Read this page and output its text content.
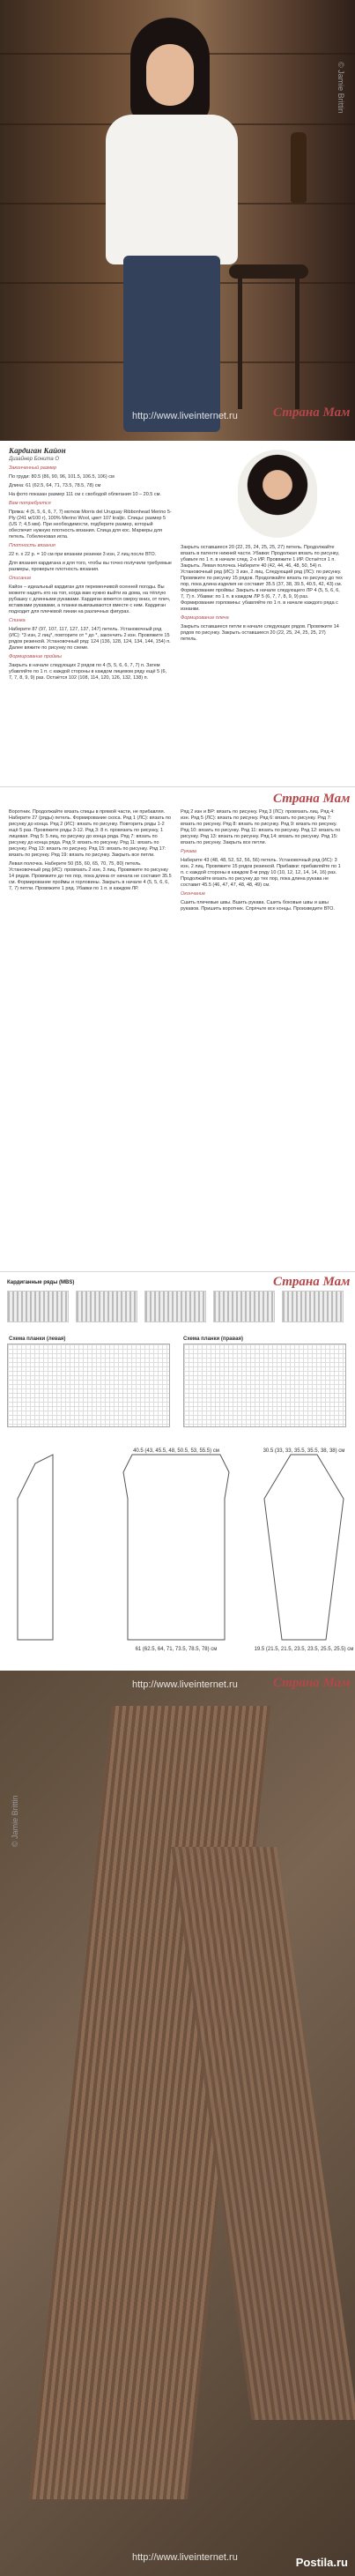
http://www.liveinternet.ru	Страна Мам
© Jamie Brittin

Кардиган Кайон

Дизайнер Бонита О

Законченный размер

По груди: 80.5 (86, 90, 96, 101.5, 106.5, 106) см

Длина: 61 (62.5, 64, 71, 73.5, 78.5, 78) см

На фото показан размер 111 см с свободой облегания 10 – 20.5 см.

Вам потребуется

Пряжа: 4 (5, 5, 6, 6, 7, 7) мотков Morris del Uruguay Ribbonhead Merino 5-Ply (241 м/100 г), 100% Merino Wool, цвет 107 kraljic. Спицы: размер 5 (US 7; 4,5 мм). При необходимости, подберите размер, который обеспечит нужную плотность вязания. Спица для кос. Маркеры для петель. Гобеленовая игла.

Плотность вязания

22 п. x 22 р. = 10 см при вязании резинки 3 изн, 2 лиц после ВТО.

Для вязания кардигана и для того, чтобы вы точно получили требуемые размеры, проверьте плотность вязания.

Описание

Кайон – идеальный кардиган для переменчивой осенней погоды. Вы можете надеть его на топ, когда вам нужно выйти из дома, на тёплую рубашку с длинными рукавами. Кардиган вяжется сверху вниз, от плеч, вставками рукавами, а планки вывязываются вместе с ним. Кардиган подходит для плечевой линии на различных фигурах.

Спинка

Наберите 87 (97, 107, 117, 127, 137, 147) петель. Установочный ряд (ИС): *3 изн, 2 лиц*, повторите от * до *, закончить 2 изн. Провяжите 15 рядов резинкой. Установочный ряд: 124 (136, 128, 124, 134, 144, 154) п. Далее вяжите по рисунку по схеме.

Формирование проймы

Закрыть в начале следующих 2 рядов по 4 (5, 5, 6, 6, 7, 7) п. Затем убавляйте по 1 п. с каждой стороны в каждом лицевом ряду ещё 5 (6, 7, 7, 8, 9, 9) раз. Остаётся 102 (108, 114, 120, 126, 132, 138) п.

Закрыть оставшиеся 20 (22, 25, 24, 25, 25, 27) петель. Продолжайте вязать в патенте нижней части. Убавки: Продолжая вязать по рисунку, убавьте по 1 п. в начале след. 2-х ИР. Провяжите 1 ИР. Остаётся 1 п. Закрыть. Левая полочка. Наберите 40 (42, 44, 46, 48, 50, 54) п. Установочный ряд (ИС): 3 изн, 2 лиц. Следующий ряд (ЛС): по рисунку. Провяжите по рисунку 15 рядов. Продолжайте вязать по рисунку до тех пор, пока длина изделия не составит 35.5 (37, 38, 39.5, 40.5, 42, 43) см. Формирование проймы: Закрыть в начале следующего ЛР 4 (5, 5, 6, 6, 7, 7) п. Убавки: по 1 п. в каждом ЛР 5 (6, 7, 7, 8, 9, 9) раз. Формирование горловины: убавляйте по 1 п. в начале каждого ряда с изнанки.

Формирование плеча

Закрыть оставшиеся петли в начале следующих рядов. Провяжите 14 рядов по рисунку. Закрыть оставшиеся 20 (22, 25, 24, 25, 25, 27) петель.

Страна Мам

Воротник. Продолжайте вязать спицы в прямой части, не прибавляя. Наберите 27 (ряды) петель. Формирование скоса. Ряд 1 (ЛС): вязать по рисунку до конца. Ряд 2 (ИС): вязать по рисунку. Повторить ряды 1-2 ещё 5 раз. Провяжите ряды 3-12. Ряд 3: 8 п. провязать по рисунку, 1 лицевая. Ряд 5: 5 лиц, по рисунку до конца ряда. Ряд 7: вязать по рисунку до конца ряда. Ряд 9: вязать по рисунку. Ряд 11: вязать по рисунку. Ряд 13: вязать по рисунку. Ряд 15: вязать по рисунку. Ряд 17: вязать по рисунку. Ряд 19: вязать по рисунку. Закрыть все петли.

Левая полочка. Наберите 50 (55, 60, 65, 70, 75, 80) петель. Установочный ряд (ИС): провязать 2 изн, 3 лиц. Провяжите по рисунку 14 рядов. Провяжите до тех пор, пока длина от начала не составит 35.5 см. Формирование проймы и горловины. Закрыть в начале 4 (5, 5, 6, 6, 7, 7) петли. Провяжите 1 ряд. Убавки по 1 п. в каждом ЛР.

Ряд 2 изн и ВР: вязать по рисунку. Ряд 3 (ЛС): провязать лиц. Ряд 4: изн. Ряд 5 (ЛС): вязать по рисунку. Ряд 6: вязать по рисунку. Ряд 7: вязать по рисунку. Ряд 8: вязать по рисунку. Ряд 9: вязать по рисунку. Ряд 10: вязать по рисунку. Ряд 11: вязать по рисунку. Ряд 12: вязать по рисунку. Ряд 13: вязать по рисунку. Ряд 14: вязать по рисунку. Ряд 15: вязать по рисунку. Закрыть все петли.

Рукава

Наберите 43 (48, 48, 52, 52, 56, 56) петель. Установочный ряд (ИС): 3 изн, 2 лиц. Провяжите 15 рядов резинкой. Прибавки: прибавляйте по 1 п. с каждой стороны в каждом 8-м ряду 10 (10, 12, 12, 14, 14, 16) раз. Продолжайте вязать по рисунку до тех пор, пока длина рукава не составит 45.5 (46, 47, 47, 48, 48, 49) см.

Окончание

Сшить плечевые швы. Вшить рукава. Сшить боковые швы и швы рукавов. Пришить воротник. Спрячьте все концы. Произведите ВТО.

Страна Мам
Кардиганные ряды (MBS)
Схема планки (левая)	Схема планки (правая)
40.5 (43, 45.5, 48, 50.5, 53, 55.5) см
61 (62.5, 64, 71, 73.5, 78.5, 78) см
30.5 (33, 33, 35.5, 35.5, 38, 38) см
19.5 (21.5, 21.5, 23.5, 23.5, 25.5, 25.5) см
http://www.liveinternet.ru	Страна Мам
© Jamie Brittin
http://www.liveinternet.ru	Postila.ru
